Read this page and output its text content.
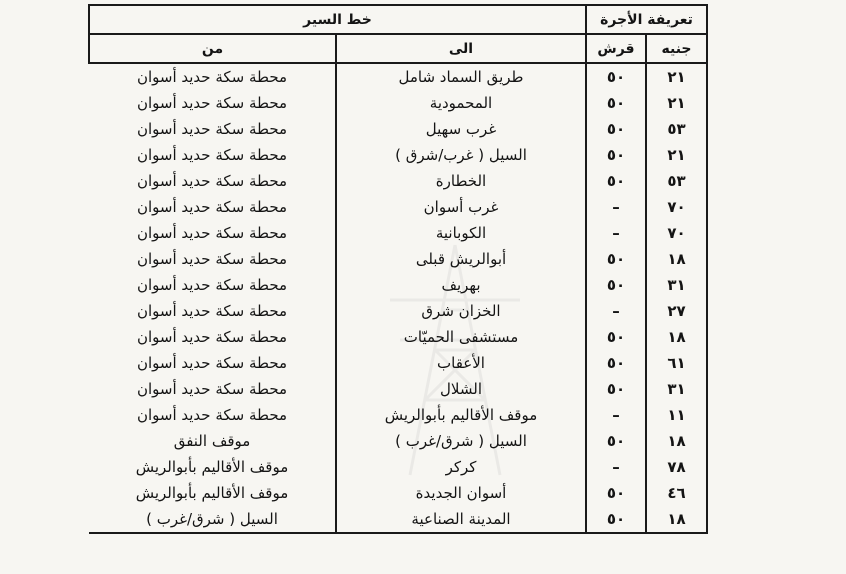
تعريفة الأجرة		خط السير	
جنيه	قرش	الى	من
٢١	٥٠	طريق السماد شامل	محطة سكة حديد أسوان
٢١	٥٠	المحمودية	محطة سكة حديد أسوان
٥٣	٥٠	غرب سهيل	محطة سكة حديد أسوان
٢١	٥٠	السيل ( غرب/شرق )	محطة سكة حديد أسوان
٥٣	٥٠	الخطارة	محطة سكة حديد أسوان
٧٠	–	غرب أسوان	محطة سكة حديد أسوان
٧٠	–	الكوبانية	محطة سكة حديد أسوان
١٨	٥٠	أبوالريش قبلى	محطة سكة حديد أسوان
٣١	٥٠	بهريف	محطة سكة حديد أسوان
٢٧	–	الخزان شرق	محطة سكة حديد أسوان
١٨	٥٠	مستشفى الحميّات	محطة سكة حديد أسوان
٦١	٥٠	الأعقاب	محطة سكة حديد أسوان
٣١	٥٠	الشلال	محطة سكة حديد أسوان
١١	–	موقف الأقاليم بأبوالريش	محطة سكة حديد أسوان
١٨	٥٠	السيل ( شرق/غرب )	موقف النفق
٧٨	–	كركر	موقف الأقاليم بأبوالريش
٤٦	٥٠	أسوان الجديدة	موقف الأقاليم بأبوالريش
١٨	٥٠	المدينة الصناعية	السيل ( شرق/غرب )
